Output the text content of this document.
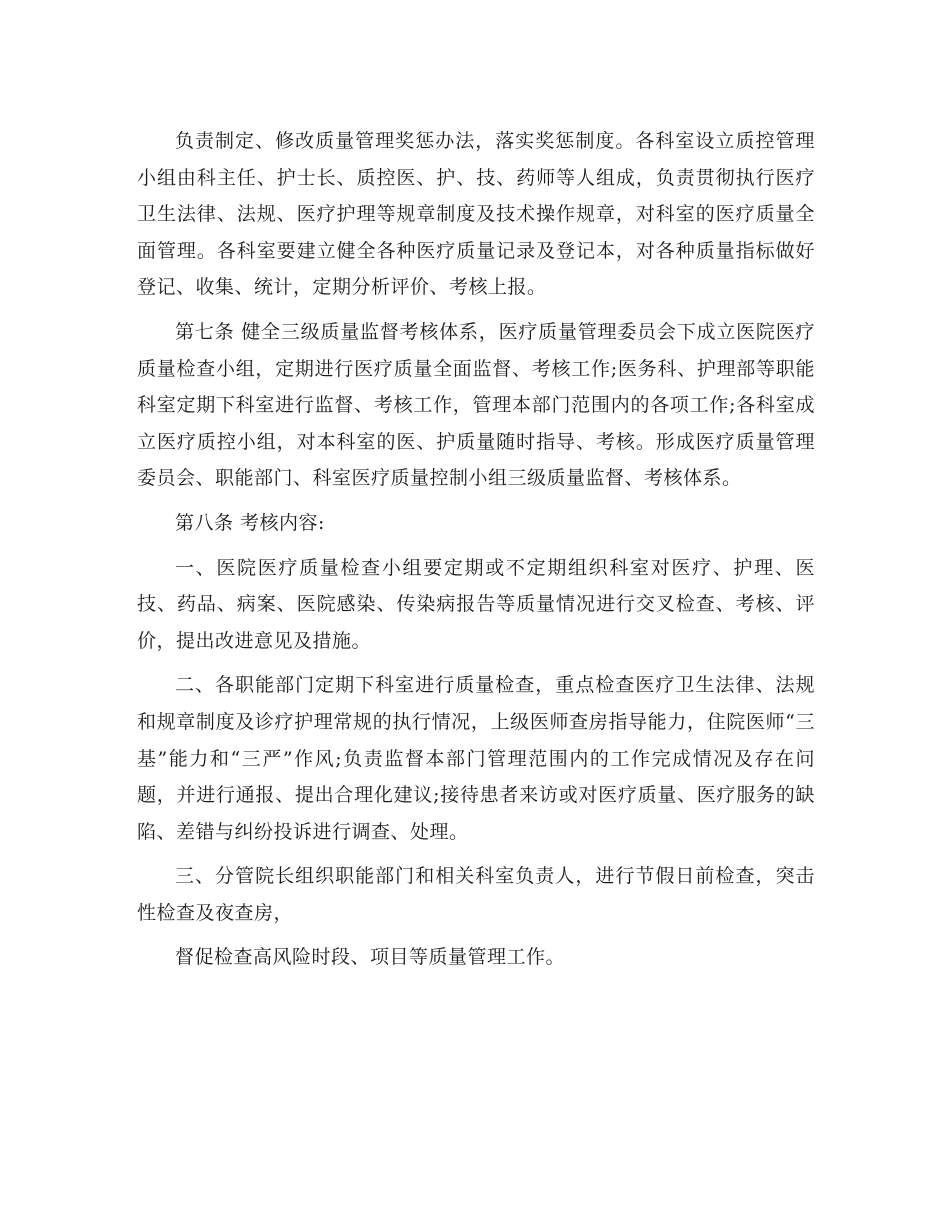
负责制定、修改质量管理奖惩办法，落实奖惩制度。各科室设立质控管理小组由科主任、护士长、质控医、护、技、药师等人组成，负责贯彻执行医疗卫生法律、法规、医疗护理等规章制度及技术操作规章，对科室的医疗质量全面管理。各科室要建立健全各种医疗质量记录及登记本，对各种质量指标做好登记、收集、统计，定期分析评价、考核上报。

第七条 健全三级质量监督考核体系，医疗质量管理委员会下成立医院医疗质量检查小组，定期进行医疗质量全面监督、考核工作;医务科、护理部等职能科室定期下科室进行监督、考核工作，管理本部门范围内的各项工作;各科室成立医疗质控小组，对本科室的医、护质量随时指导、考核。形成医疗质量管理委员会、职能部门、科室医疗质量控制小组三级质量监督、考核体系。

第八条 考核内容:

一、医院医疗质量检查小组要定期或不定期组织科室对医疗、护理、医技、药品、病案、医院感染、传染病报告等质量情况进行交叉检查、考核、评价，提出改进意见及措施。

二、各职能部门定期下科室进行质量检查，重点检查医疗卫生法律、法规和规章制度及诊疗护理常规的执行情况，上级医师查房指导能力，住院医师“三基”能力和“三严”作风;负责监督本部门管理范围内的工作完成情况及存在问题，并进行通报、提出合理化建议;接待患者来访或对医疗质量、医疗服务的缺陷、差错与纠纷投诉进行调查、处理。

三、分管院长组织职能部门和相关科室负责人，进行节假日前检查，突击性检查及夜查房，

督促检查高风险时段、项目等质量管理工作。
